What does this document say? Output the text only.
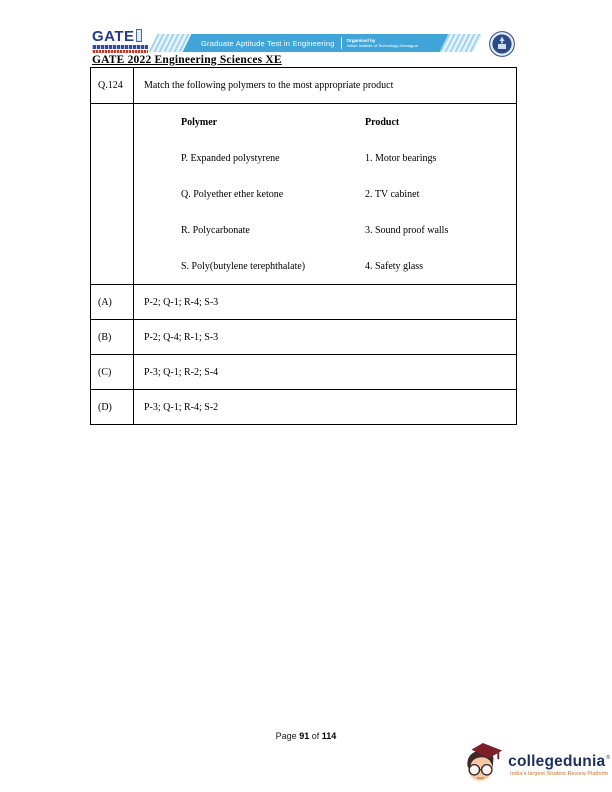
GATE	Graduate Aptitude Test in Engineering	Organised by
Indian Institute of Technology Kharagpur
GATE 2022 Engineering Sciences XE
Q.124	Match the following polymers to the most appropriate product

Polymer	Product
P. Expanded polystyrene	1. Motor bearings
Q. Polyether ether ketone	2. TV cabinet
R. Polycarbonate	3. Sound proof walls
S. Poly(butylene terephthalate)	4. Safety glass

(A)	P-2; Q-1; R-4; S-3
(B)	P-2; Q-4; R-1; S-3
(C)	P-3; Q-1; R-2; S-4
(D)	P-3; Q-1; R-4; S-2
Page 91 of 114
collegedunia ®
India's largest Student Review Platform
